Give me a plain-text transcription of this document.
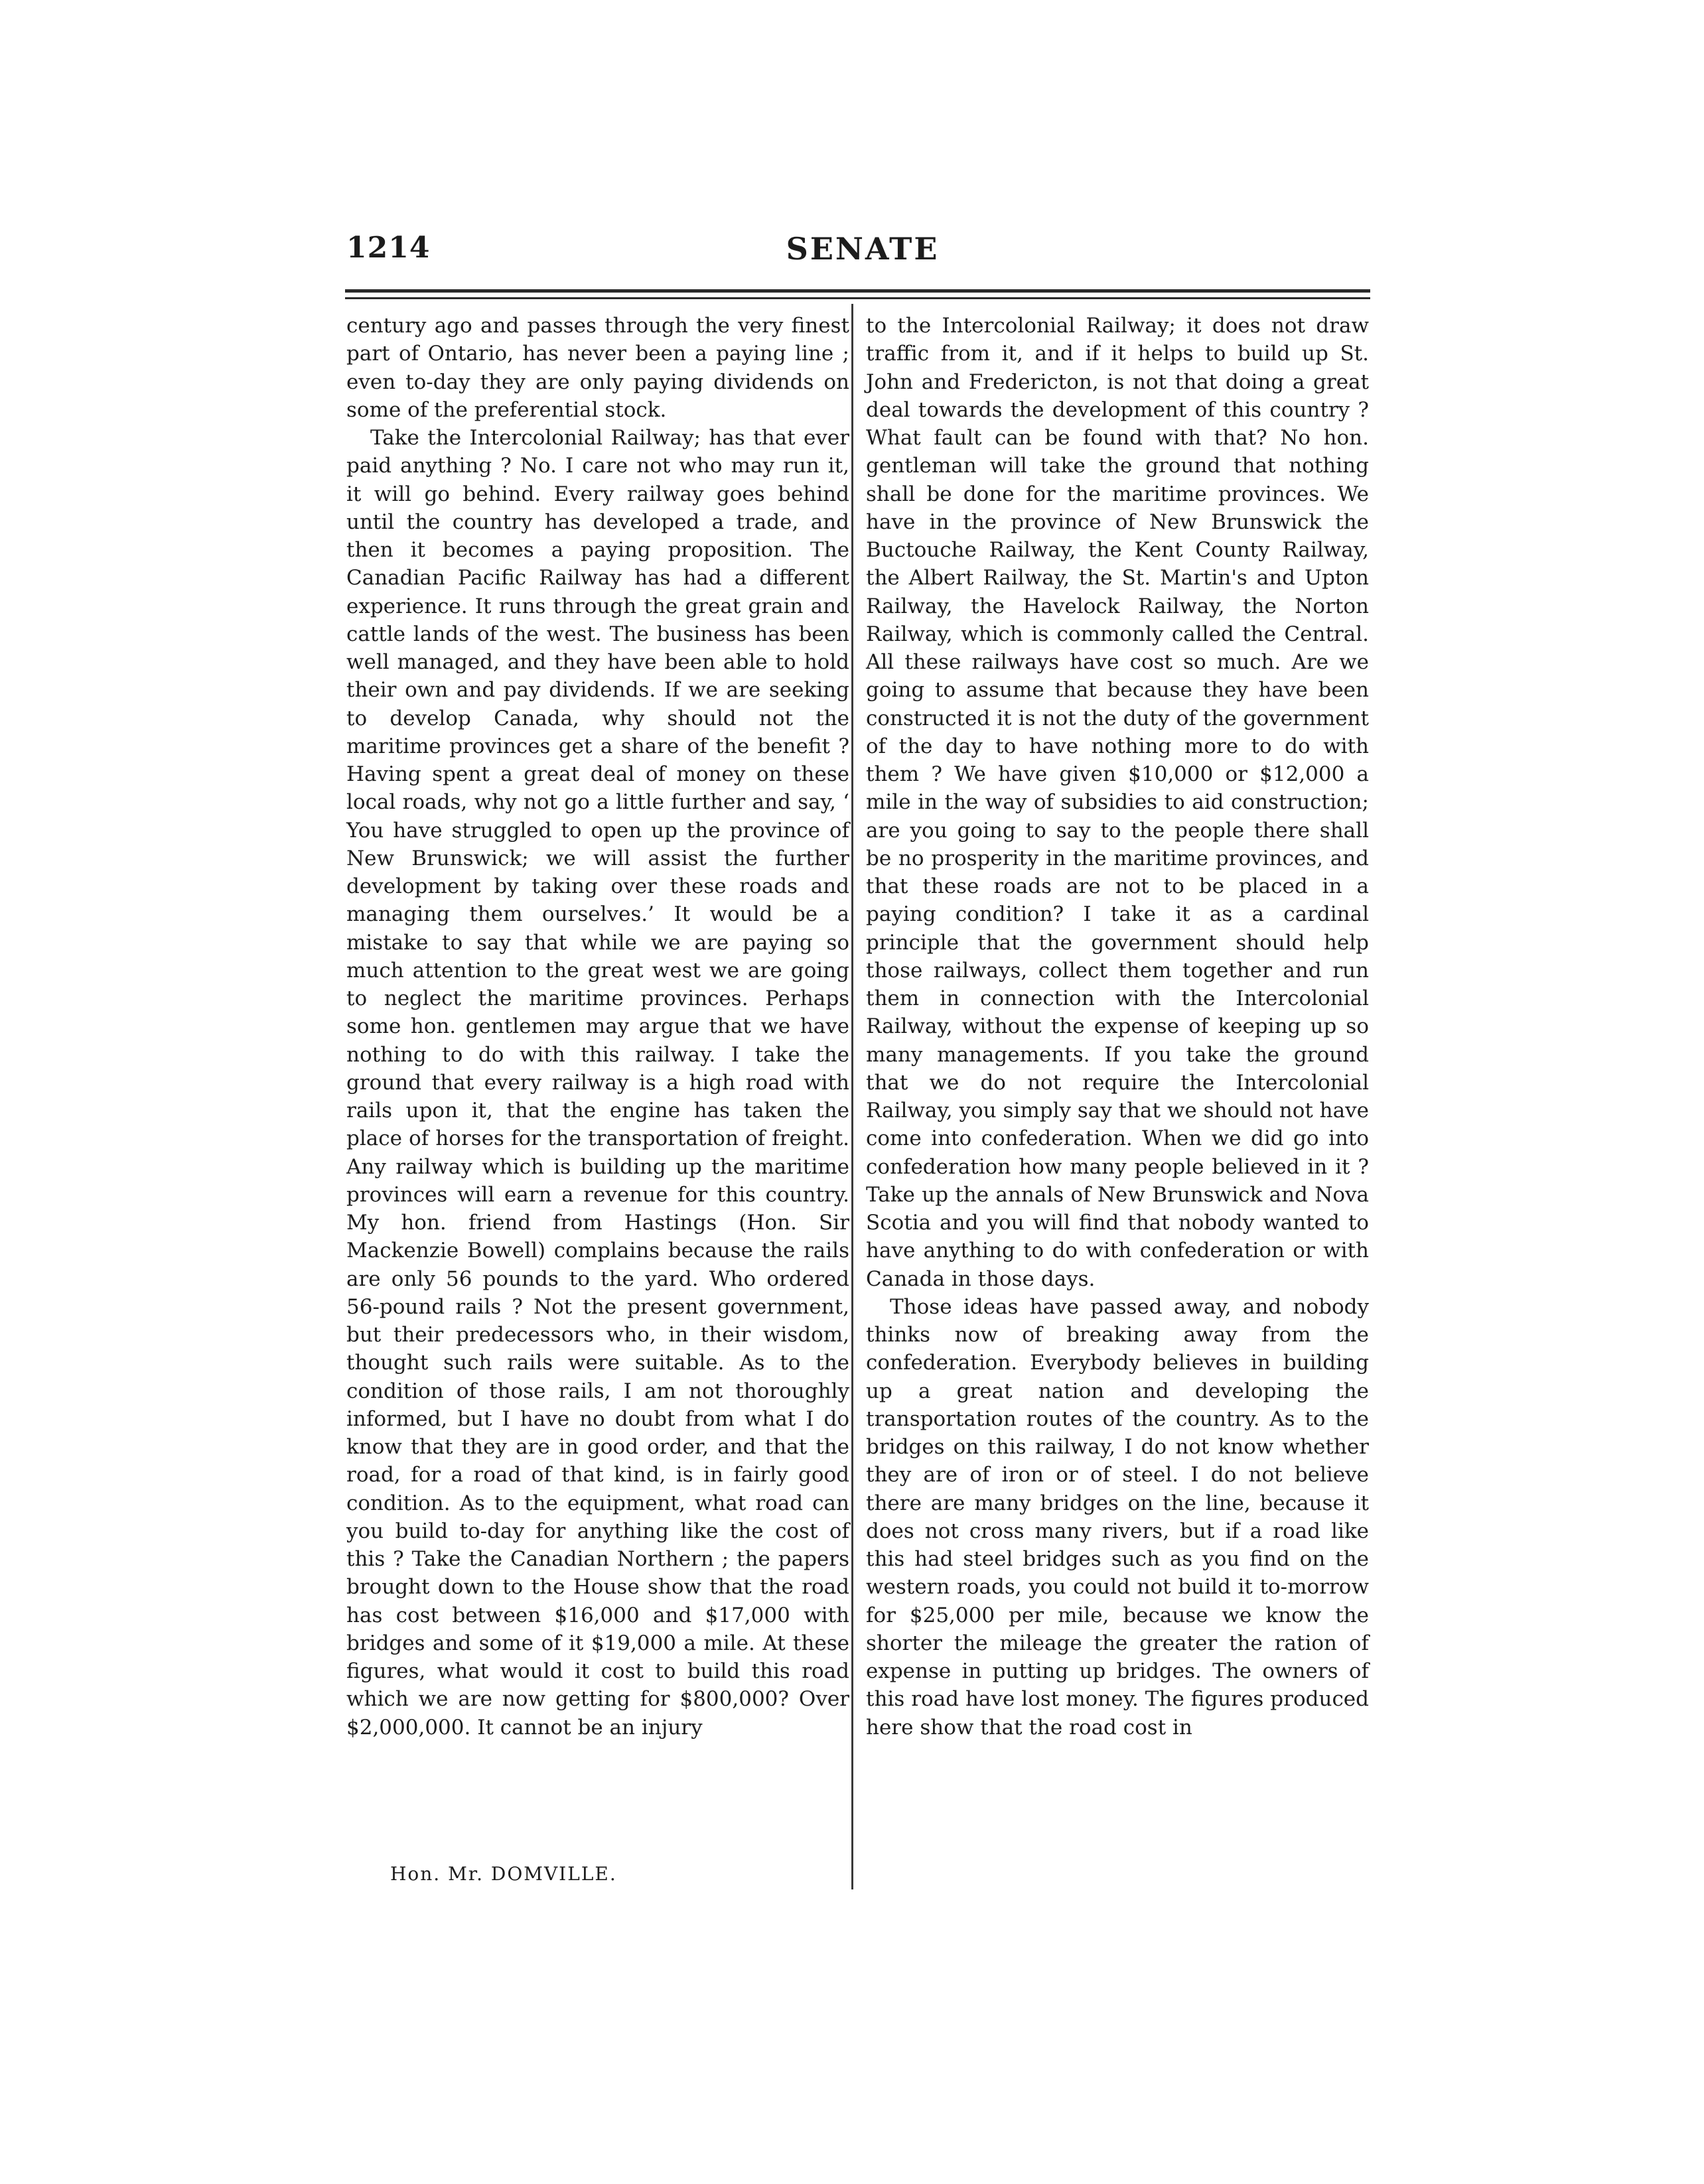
1214	SENATE

century ago and passes through the very finest part of Ontario, has never been a paying line ; even to-day they are only paying dividends on some of the preferential stock.

Take the Intercolonial Railway; has that ever paid anything ? No. I care not who may run it, it will go behind. Every railway goes behind until the country has developed a trade, and then it becomes a paying proposition. The Canadian Pacific Railway has had a different experience. It runs through the great grain and cattle lands of the west. The business has been well managed, and they have been able to hold their own and pay dividends. If we are seeking to develop Canada, why should not the maritime provinces get a share of the benefit ? Having spent a great deal of money on these local roads, why not go a little further and say, ‘ You have struggled to open up the province of New Brunswick; we will assist the further development by taking over these roads and managing them ourselves.’ It would be a mistake to say that while we are paying so much attention to the great west we are going to neglect the maritime provinces. Perhaps some hon. gentlemen may argue that we have nothing to do with this railway. I take the ground that every railway is a high road with rails upon it, that the engine has taken the place of horses for the transportation of freight. Any railway which is building up the maritime provinces will earn a revenue for this country. My hon. friend from Hastings (Hon. Sir Mackenzie Bowell) complains because the rails are only 56 pounds to the yard. Who ordered 56-pound rails ? Not the present government, but their predecessors who, in their wisdom, thought such rails were suitable. As to the condition of those rails, I am not thoroughly informed, but I have no doubt from what I do know that they are in good order, and that the road, for a road of that kind, is in fairly good condition. As to the equipment, what road can you build to-day for anything like the cost of this ? Take the Canadian Northern ; the papers brought down to the House show that the road has cost between $16,000 and $17,000 with bridges and some of it $19,000 a mile. At these figures, what would it cost to build this road which we are now getting for $800,000? Over $2,000,000. It cannot be an injury

to the Intercolonial Railway; it does not draw traffic from it, and if it helps to build up St. John and Fredericton, is not that doing a great deal towards the development of this country ? What fault can be found with that? No hon. gentleman will take the ground that nothing shall be done for the maritime provinces. We have in the province of New Brunswick the Buctouche Railway, the Kent County Railway, the Albert Railway, the St. Martin's and Upton Railway, the Havelock Railway, the Norton Railway, which is commonly called the Central. All these railways have cost so much. Are we going to assume that because they have been constructed it is not the duty of the government of the day to have nothing more to do with them ? We have given $10,000 or $12,000 a mile in the way of subsidies to aid construction; are you going to say to the people there shall be no prosperity in the maritime provinces, and that these roads are not to be placed in a paying condition? I take it as a cardinal principle that the government should help those railways, collect them together and run them in connection with the Intercolonial Railway, without the expense of keeping up so many managements. If you take the ground that we do not require the Intercolonial Railway, you simply say that we should not have come into confederation. When we did go into confederation how many people believed in it ? Take up the annals of New Brunswick and Nova Scotia and you will find that nobody wanted to have anything to do with confederation or with Canada in those days.

Those ideas have passed away, and nobody thinks now of breaking away from the confederation. Everybody believes in building up a great nation and developing the transportation routes of the country. As to the bridges on this railway, I do not know whether they are of iron or of steel. I do not believe there are many bridges on the line, because it does not cross many rivers, but if a road like this had steel bridges such as you find on the western roads, you could not build it to-morrow for $25,000 per mile, because we know the shorter the mileage the greater the ration of expense in putting up bridges. The owners of this road have lost money. The figures produced here show that the road cost in

Hon. Mr. DOMVILLE.
